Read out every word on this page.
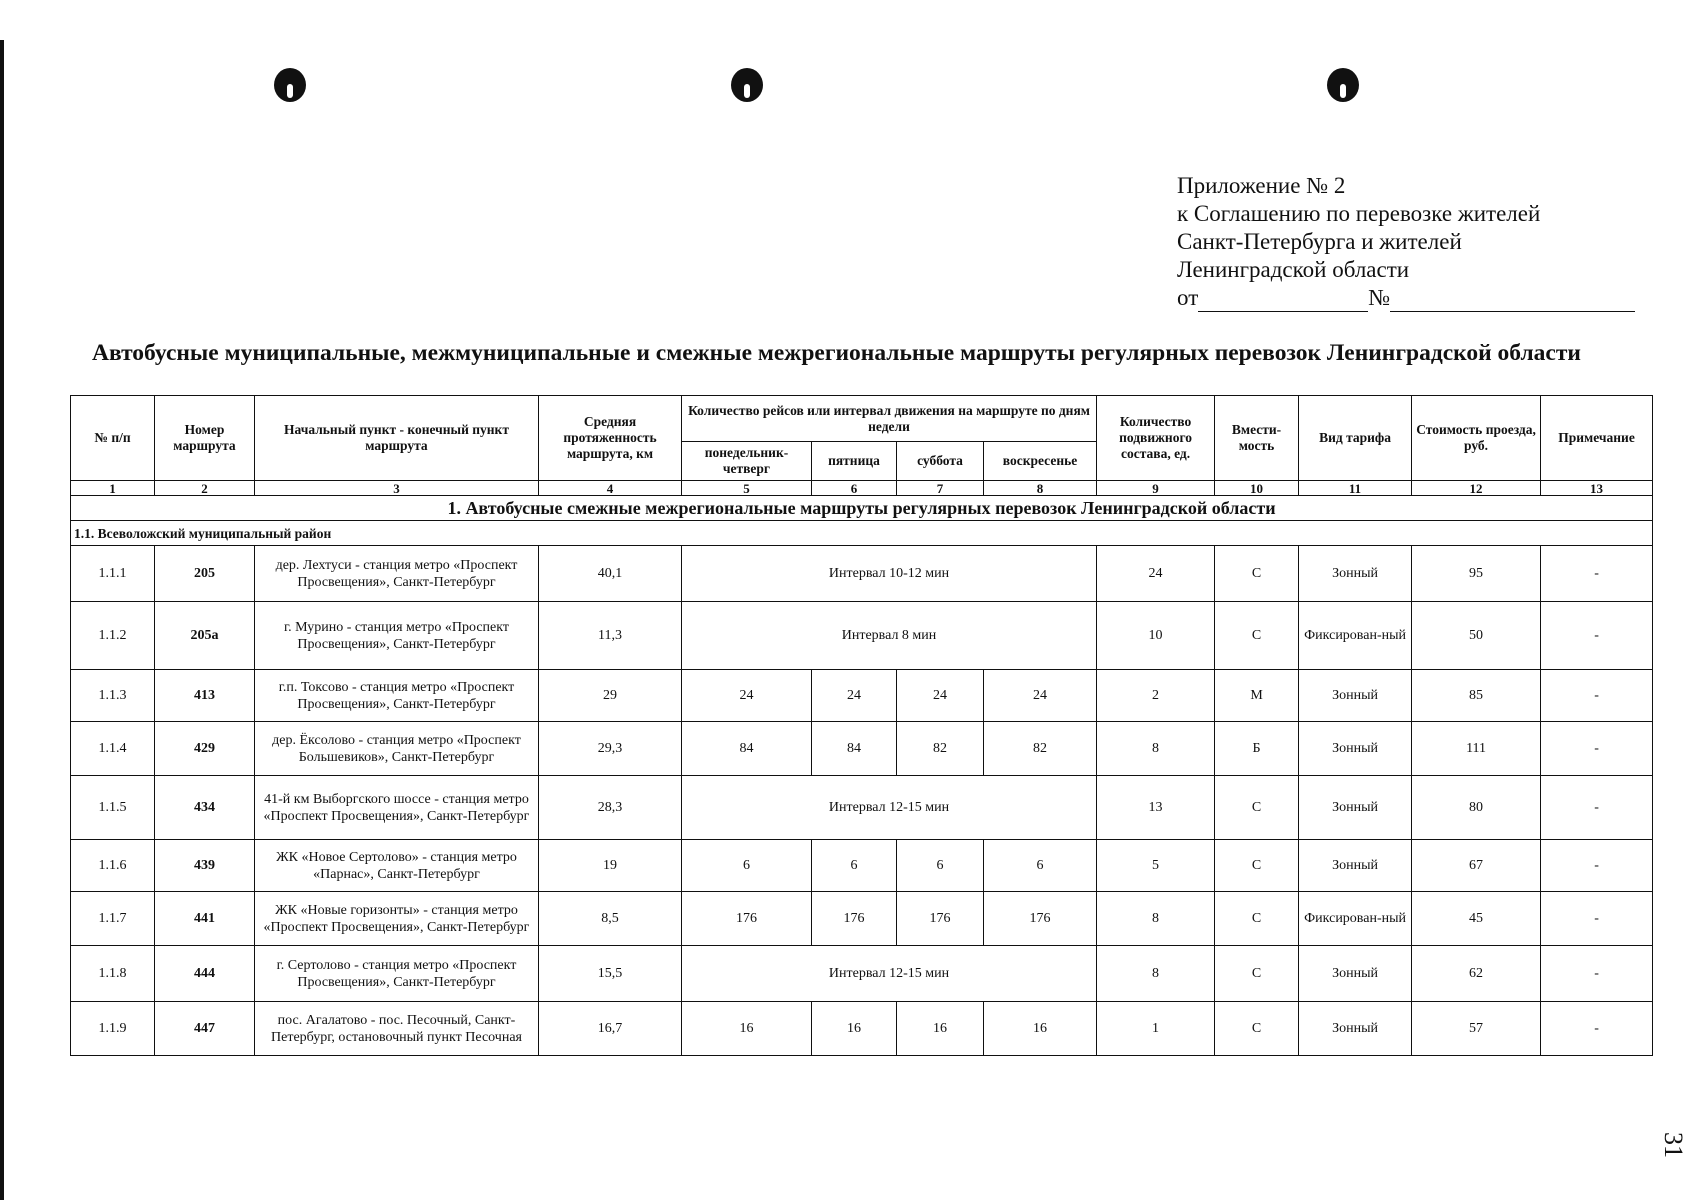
Приложение № 2
к Соглашению по перевозке жителей
Санкт-Петербурга и жителей
Ленинградской области
от	№
Автобусные муниципальные, межмуниципальные и смежные межрегиональные маршруты регулярных перевозок Ленинградской области
№ п/п	Номер маршрута	Начальный пункт - конечный пункт маршрута	Средняя протяженность маршрута, км	Количество рейсов или интервал движения на маршруте по дням недели				Количество подвижного состава, ед.	Вмести-мость	Вид тарифа	Стоимость проезда, руб.	Примечание
				понедельник-четверг	пятница	суббота	воскресенье					
1	2	3	4	5	6	7	8	9	10	11	12	13
1. Автобусные смежные межрегиональные маршруты регулярных перевозок Ленинградской области												
1.1. Всеволожский муниципальный район												
1.1.1	205	дер. Лехтуси - станция метро «Проспект Просвещения», Санкт-Петербург	40,1	Интервал 10-12 мин				24	С	Зонный	95	-
1.1.2	205а	г. Мурино - станция метро «Проспект Просвещения», Санкт-Петербург	11,3	Интервал 8 мин				10	С	Фиксирован-ный	50	-
1.1.3	413	г.п. Токсово - станция метро «Проспект Просвещения», Санкт-Петербург	29	24	24	24	24	2	М	Зонный	85	-
1.1.4	429	дер. Ёксолово - станция метро «Проспект Большевиков», Санкт-Петербург	29,3	84	84	82	82	8	Б	Зонный	111	-
1.1.5	434	41-й км Выборгского шоссе - станция метро «Проспект Просвещения», Санкт-Петербург	28,3	Интервал 12-15 мин				13	С	Зонный	80	-
1.1.6	439	ЖК «Новое Сертолово» - станция метро «Парнас», Санкт-Петербург	19	6	6	6	6	5	С	Зонный	67	-
1.1.7	441	ЖК «Новые горизонты» - станция метро «Проспект Просвещения», Санкт-Петербург	8,5	176	176	176	176	8	С	Фиксирован-ный	45	-
1.1.8	444	г. Сертолово - станция метро «Проспект Просвещения», Санкт-Петербург	15,5	Интервал 12-15 мин				8	С	Зонный	62	-
1.1.9	447	пос. Агалатово - пос. Песочный, Санкт-Петербург, остановочный пункт Песочная	16,7	16	16	16	16	1	С	Зонный	57	-
31
